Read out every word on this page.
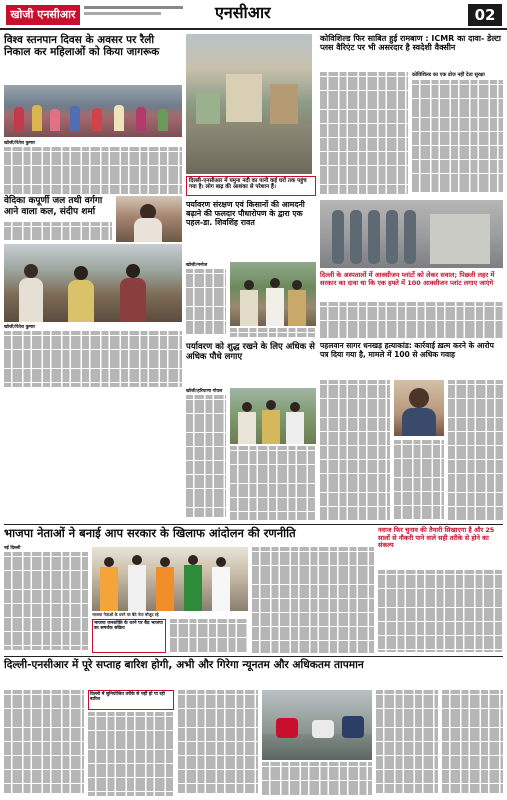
खोजी एनसीआर	एनसीआर	02
विश्व स्तनपान दिवस के अवसर पर रैली निकाल कर महिलाओं को किया जागरूक
खोजी/रितेश कुमार
वेदिका कपूर्णी जल तथी वर्गगा आने वाला कल, संदीप शर्मा
खोजी/रितेश कुमार
दिल्ली-एनसीआर में यमुना नदी का पानी कई घरों तक पहुंच गया है। लोग बाढ़ की आशंका से परेशान हैं।
कोविशिल्ड फिर साबित हुई रामबाण : ICMR का दावा- डेल्टा प्लस वैरिएंट पर भी असरदार है स्वदेशी वैक्सीन
कोविशिल्ड का एक डोज नहीं देता सुरक्षा
पर्यावरण संरक्षण एवं किसानों की आमदनी बढ़ाने की फलदार पौधारोपण के द्वारा एक पहल-डा. शिवशिंह रावत
खोजी/मनोज
दिल्ली के अस्पतालों में आक्सीजन प्लांटों को लेकर सवाल; पिछली लहर में सरकार का दावा था कि एक हफ्ते में 100 आक्सीजन प्लांट लगाए जाएंगे
पर्यावरण को शुद्ध रखने के लिए अधिक से अधिक पौधे लगाए
खोजी/हरियाणा गोयल
पहलवान सागर धनखड़ हत्याकांड: कार्रवाई ख़त्म करने के आरोप पत्र दिया गया है, मामले में 100 से अधिक गवाह
भाजपा नेताओं ने बनाई आप सरकार के खिलाफ आंदोलन की रणनीति
नई दिल्ली
भाजपा नेताओं के धरने पर बैठे नेता मौजूद रहे
भाजपा जनशक्ति के धरने पर बैठ भाजपा का समर्थक सक्रिय
नवाज फिर चुनाव की तैयारी सिखाएगा है और 25 सालों से नौकरी पाने वाले सही तरीके से होने का संकल्प
दिल्ली-एनसीआर में पूरे सप्ताह बारिश होगी, अभी और गिरेगा न्यूनतम और अधिकतम तापमान
दिल्ली में सुनियोजित तरीके से नहीं हो पा रही बारिश
